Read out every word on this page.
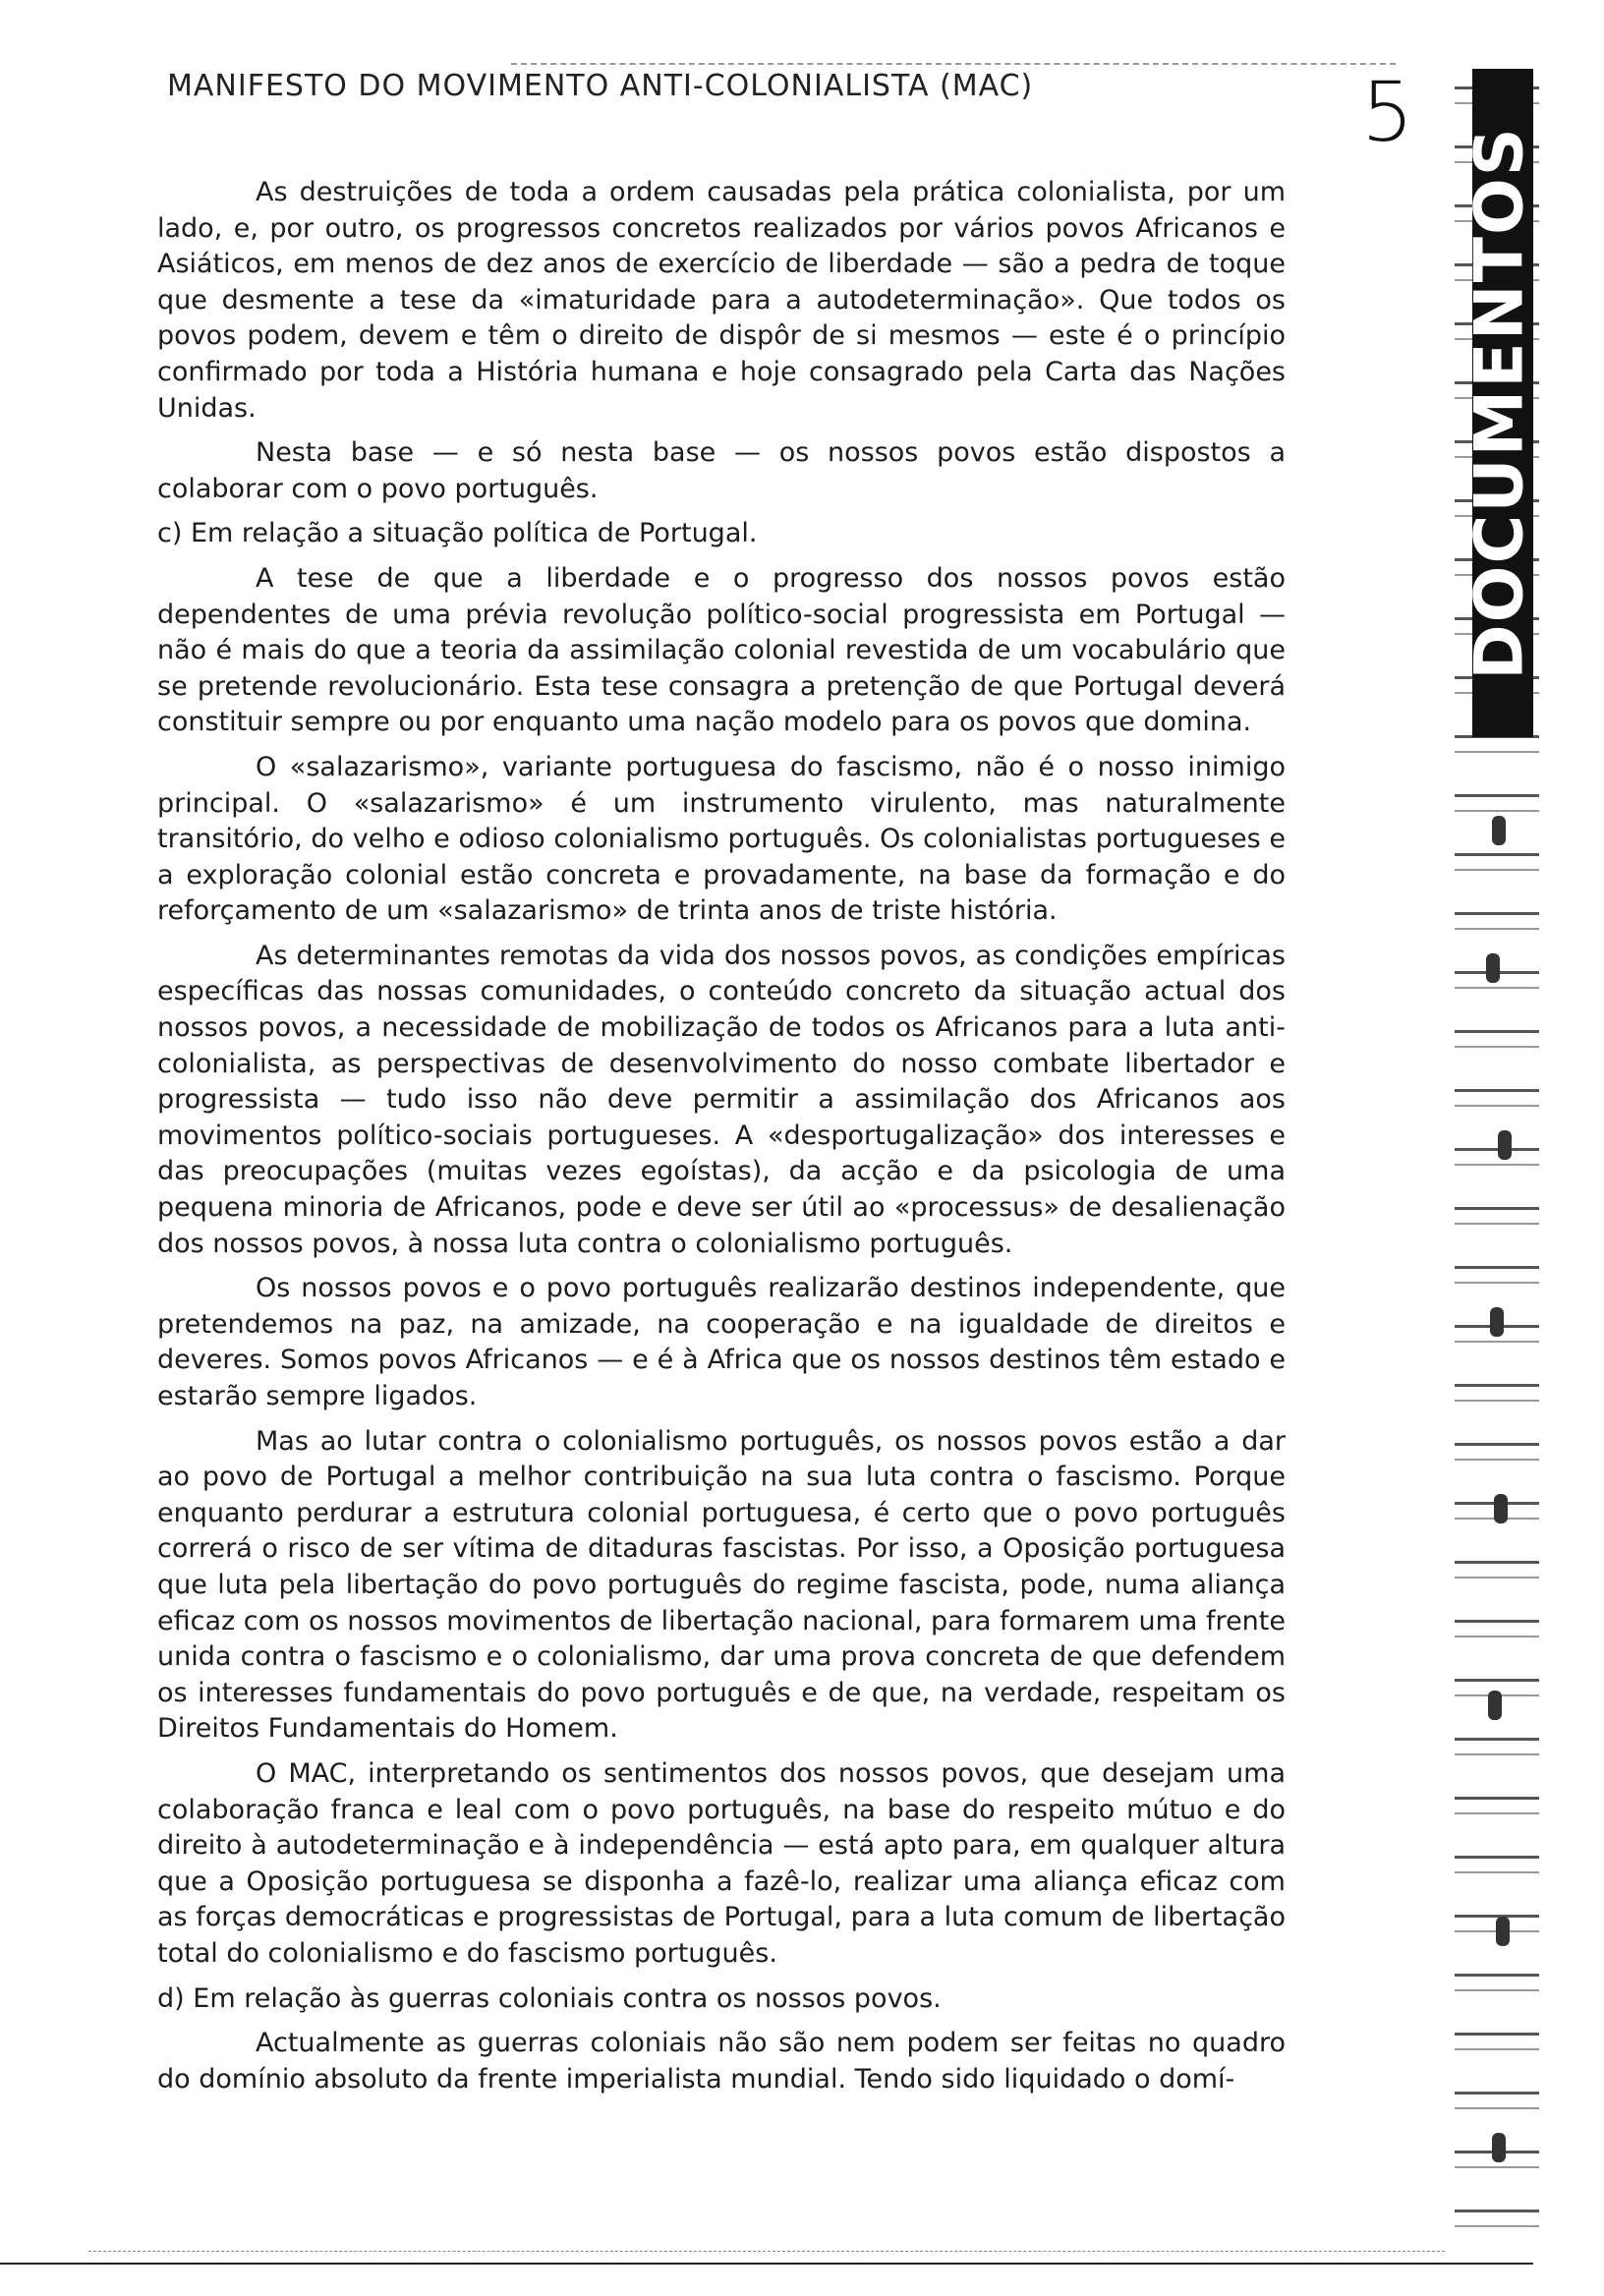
MANIFESTO DO MOVIMENTO ANTI-COLONIALISTA (MAC)	5
DOCUMENTOS

As destruições de toda a ordem causadas pela prática colonialista, por um lado, e, por outro, os progressos concretos realizados por vários povos Africanos e Asiáticos, em menos de dez anos de exercício de liberdade — são a pedra de toque que desmente a tese da «imaturidade para a autodeterminação». Que todos os povos podem, devem e têm o direito de dispôr de si mesmos — este é o princípio confirmado por toda a História humana e hoje consagrado pela Carta das Nações Unidas.

Nesta base — e só nesta base — os nossos povos estão dispostos a colaborar com o povo português.

c) Em relação a situação política de Portugal.

A tese de que a liberdade e o progresso dos nossos povos estão dependentes de uma prévia revolução político-social progressista em Portugal — não é mais do que a teoria da assimilação colonial revestida de um vocabulário que se pretende revolucionário. Esta tese consagra a pretenção de que Portugal deverá constituir sempre ou por enquanto uma nação modelo para os povos que domina.

O «salazarismo», variante portuguesa do fascismo, não é o nosso inimigo principal. O «salazarismo» é um instrumento virulento, mas naturalmente transitório, do velho e odioso colonialismo português. Os colonialistas portugueses e a exploração colonial estão concreta e provadamente, na base da formação e do reforçamento de um «salazarismo» de trinta anos de triste história.

As determinantes remotas da vida dos nossos povos, as condições empíricas específicas das nossas comunidades, o conteúdo concreto da situação actual dos nossos povos, a necessidade de mobilização de todos os Africanos para a luta anti-colonialista, as perspectivas de desenvolvimento do nosso combate libertador e progressista — tudo isso não deve permitir a assimilação dos Africanos aos movimentos político-sociais portugueses. A «desportugalização» dos interesses e das preocupações (muitas vezes egoístas), da acção e da psicologia de uma pequena minoria de Africanos, pode e deve ser útil ao «processus» de desalienação dos nossos povos, à nossa luta contra o colonialismo português.

Os nossos povos e o povo português realizarão destinos independente, que pretendemos na paz, na amizade, na cooperação e na igualdade de direitos e deveres. Somos povos Africanos — e é à Africa que os nossos destinos têm estado e estarão sempre ligados.

Mas ao lutar contra o colonialismo português, os nossos povos estão a dar ao povo de Portugal a melhor contribuição na sua luta contra o fascismo. Porque enquanto perdurar a estrutura colonial portuguesa, é certo que o povo português correrá o risco de ser vítima de ditaduras fascistas. Por isso, a Oposição portuguesa que luta pela libertação do povo português do regime fascista, pode, numa aliança eficaz com os nossos movimentos de libertação nacional, para formarem uma frente unida contra o fascismo e o colonialismo, dar uma prova concreta de que defendem os interesses fundamentais do povo português e de que, na verdade, respeitam os Direitos Fundamentais do Homem.

O MAC, interpretando os sentimentos dos nossos povos, que desejam uma colaboração franca e leal com o povo português, na base do respeito mútuo e do direito à autodeterminação e à independência — está apto para, em qualquer altura que a Oposição portuguesa se disponha a fazê-lo, realizar uma aliança eficaz com as forças democráticas e progressistas de Portugal, para a luta comum de libertação total do colonialismo e do fascismo português.

d) Em relação às guerras coloniais contra os nossos povos.

Actualmente as guerras coloniais não são nem podem ser feitas no quadro do domínio absoluto da frente imperialista mundial. Tendo sido liquidado o domí-
